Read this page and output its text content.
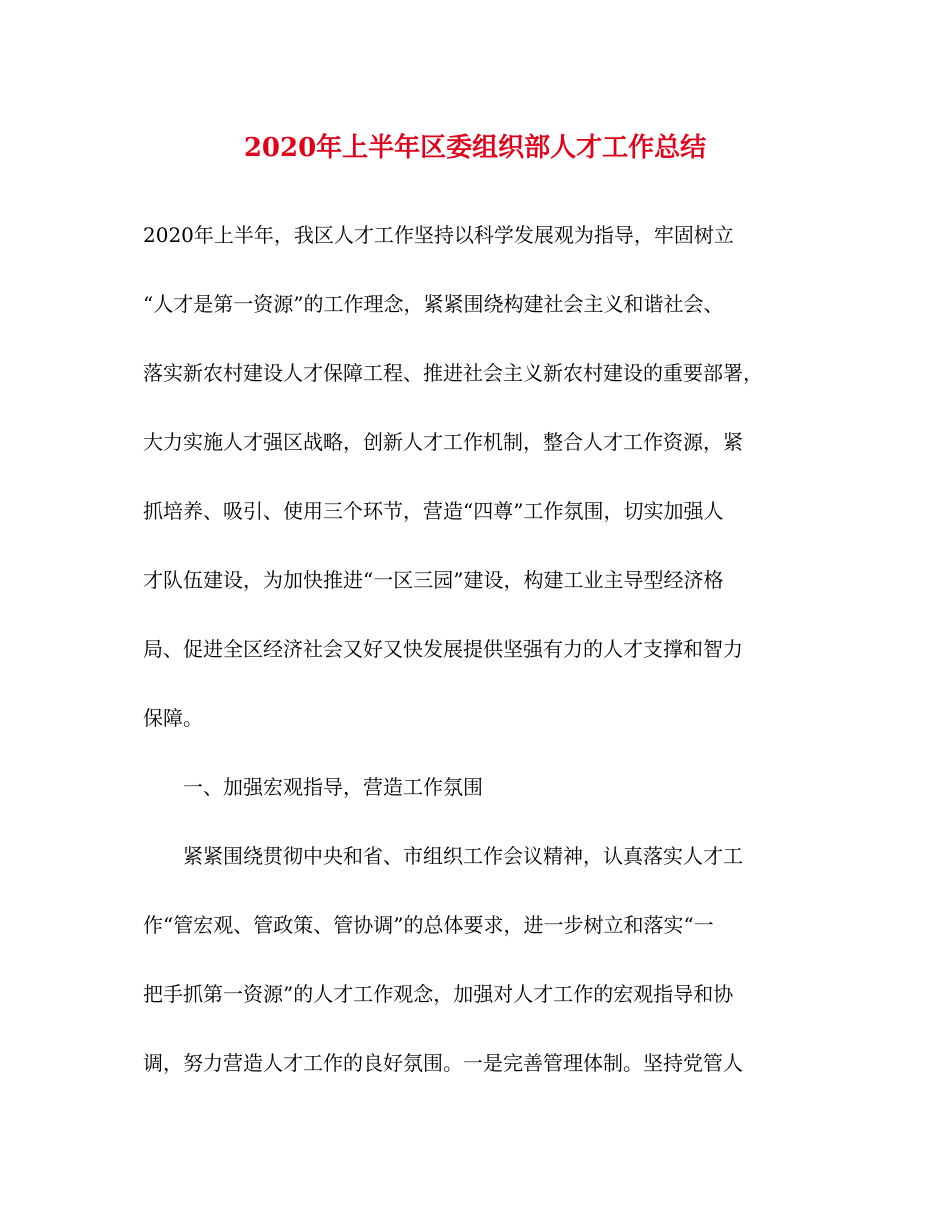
2020年上半年区委组织部人才工作总结
2020年上半年，我区人才工作坚持以科学发展观为指导，牢固树立
“人才是第一资源”的工作理念，紧紧围绕构建社会主义和谐社会、
落实新农村建设人才保障工程、推进社会主义新农村建设的重要部署，
大力实施人才强区战略，创新人才工作机制，整合人才工作资源，紧
抓培养、吸引、使用三个环节，营造“四尊”工作氛围，切实加强人
才队伍建设，为加快推进“一区三园”建设，构建工业主导型经济格
局、促进全区经济社会又好又快发展提供坚强有力的人才支撑和智力
保障。
一、加强宏观指导，营造工作氛围
紧紧围绕贯彻中央和省、市组织工作会议精神，认真落实人才工
作“管宏观、管政策、管协调”的总体要求，进一步树立和落实“一
把手抓第一资源”的人才工作观念，加强对人才工作的宏观指导和协
调，努力营造人才工作的良好氛围。一是完善管理体制。坚持党管人
